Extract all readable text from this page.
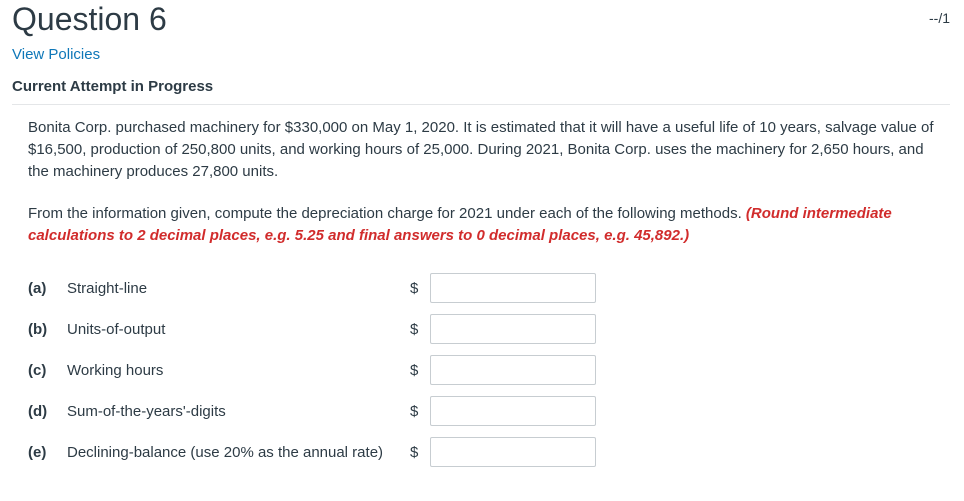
Question 6	--/1
View Policies
Current Attempt in Progress
Bonita Corp. purchased machinery for $330,000 on May 1, 2020. It is estimated that it will have a useful life of 10 years, salvage value of $16,500, production of 250,800 units, and working hours of 25,000. During 2021, Bonita Corp. uses the machinery for 2,650 hours, and the machinery produces 27,800 units.
From the information given, compute the depreciation charge for 2021 under each of the following methods. (Round intermediate calculations to 2 decimal places, e.g. 5.25 and final answers to 0 decimal places, e.g. 45,892.)
(a) Straight-line	$
(b) Units-of-output	$
(c) Working hours	$
(d) Sum-of-the-years'-digits	$
(e) Declining-balance (use 20% as the annual rate) $
